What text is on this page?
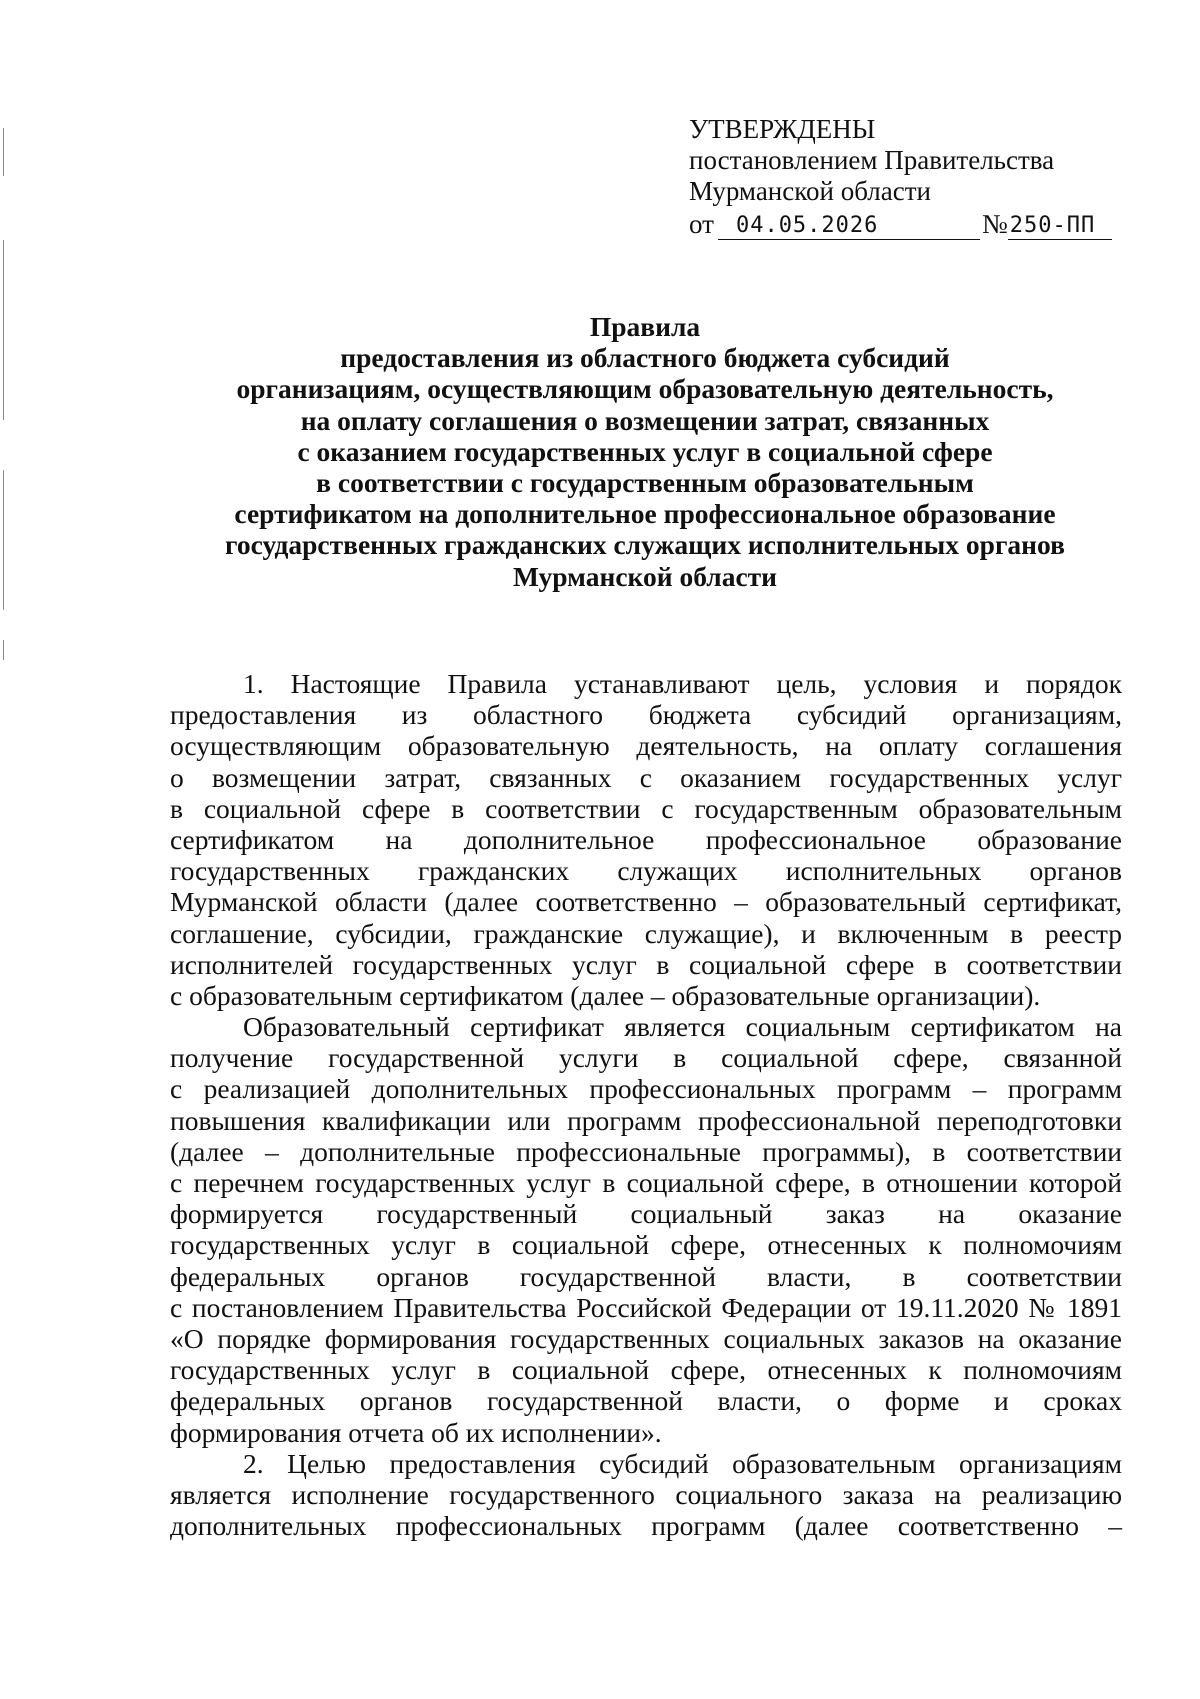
УТВЕРЖДЕНЫ
постановлением Правительства
Мурманской области
от	04.05.2026	№ 250-ПП
Правила
предоставления из областного бюджета субсидий
организациям, осуществляющим образовательную деятельность,
на оплату соглашения о возмещении затрат, связанных
с оказанием государственных услуг в социальной сфере
в соответствии с государственным образовательным
сертификатом на дополнительное профессиональное образование
государственных гражданских служащих исполнительных органов
Мурманской области
1. Настоящие Правила устанавливают цель, условия и порядок
предоставления из областного бюджета субсидий организациям,
осуществляющим образовательную деятельность, на оплату соглашения
о возмещении затрат, связанных с оказанием государственных услуг
в социальной сфере в соответствии с государственным образовательным
сертификатом на дополнительное профессиональное образование
государственных гражданских служащих исполнительных органов
Мурманской области (далее соответственно – образовательный сертификат,
соглашение, субсидии, гражданские служащие), и включенным в реестр
исполнителей государственных услуг в социальной сфере в соответствии
с образовательным сертификатом (далее – образовательные организации).
Образовательный сертификат является социальным сертификатом на
получение государственной услуги в социальной сфере, связанной
с реализацией дополнительных профессиональных программ – программ
повышения квалификации или программ профессиональной переподготовки
(далее – дополнительные профессиональные программы), в соответствии
с перечнем государственных услуг в социальной сфере, в отношении которой
формируется государственный социальный заказ на оказание
государственных услуг в социальной сфере, отнесенных к полномочиям
федеральных органов государственной власти, в соответствии
с постановлением Правительства Российской Федерации от 19.11.2020 № 1891
«О порядке формирования государственных социальных заказов на оказание
государственных услуг в социальной сфере, отнесенных к полномочиям
федеральных органов государственной власти, о форме и сроках
формирования отчета об их исполнении».
2. Целью предоставления субсидий образовательным организациям
является исполнение государственного социального заказа на реализацию
дополнительных профессиональных программ (далее соответственно –
